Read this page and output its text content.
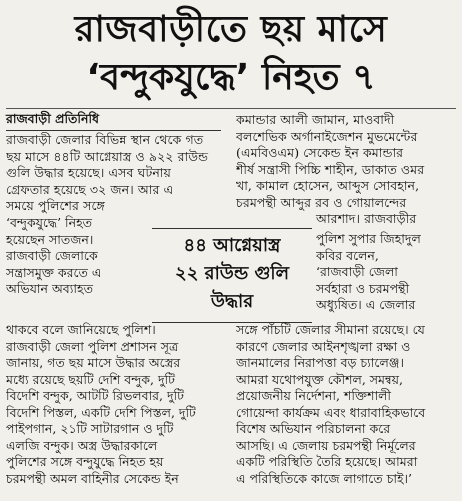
রাজবাড়ীতে ছয় মাসে
‘বন্দুকযুদ্ধে’ নিহত ৭
রাজবাড়ী প্রতিনিধি

রাজবাড়ী জেলার বিভিন্ন স্থান থেকে গত

ছয় মাসে ৪৪টি আগ্নেয়াস্ত্র ও ৯২২ রাউন্ড

গুলি উদ্ধার হয়েছে। এসব ঘটনায়

গ্রেফতার হয়েছে ৩২ জন। আর এ

সময়ে পুলিশের সঙ্গে

কমান্ডার আলী জামান, মাওবাদী

বলশেভিক অর্গানাইজেশন মুভমেন্টের

(এমবিওএম) সেকেন্ড ইন কমান্ডার

শীর্ষ সন্ত্রাসী পিচ্চি শাহীন, ডাকাত ওমর

খা, কামাল হোসেন, আব্দুস সোবহান,

চরমপন্থী আব্দুর রব ও গোয়ালন্দের

আরশাদ। রাজবাড়ীর

‘বন্দুকযুদ্ধে’ নিহত

হয়েছেন সাতজন।

রাজবাড়ী জেলাকে

সন্ত্রাসমুক্ত করতে এ

অভিযান অব্যাহত

৪৪ আগ্নেয়াস্ত্র
২২ রাউন্ড গুলি
উদ্ধার

পুলিশ সুপার জিহাদুল

কবির বলেন,

‘রাজবাড়ী জেলা

সর্বহারা ও চরমপন্থী

অধ্যুষিত। এ জেলার

থাকবে বলে জানিয়েছে পুলিশ।

রাজবাড়ী জেলা পুলিশ প্রশাসন সূত্র

জানায়, গত ছয় মাসে উদ্ধার অস্ত্রের

মধ্যে রয়েছে ছয়টি দেশি বন্দুক, দুটি

বিদেশি বন্দুক, আটটি রিভলবার, দুটি

বিদেশি পিস্তল, একটি দেশি পিস্তল, দুটি

পাইপগান, ২১টি সাটারগান ও দুটি

এলজি বন্দুক। অস্ত্র উদ্ধারকালে

পুলিশের সঙ্গে বন্দুযুদ্ধে নিহত হয়

চরমপন্থী অমল বাহিনীর সেকেন্ড ইন

সঙ্গে পাঁচটি জেলার সীমানা রয়েছে। যে

কারণে জেলার আইনশৃঙ্খলা রক্ষা ও

জানমালের নিরাপত্তা বড় চ্যালেঞ্জ।

আমরা যথোপযুক্ত কৌশল, সমন্বয়,

প্রয়োজনীয় নির্দেশনা, শক্তিশালী

গোয়েন্দা কার্যক্রম এবং ধারাবাহিকভাবে

বিশেষ অভিযান পরিচালনা করে

আসছি। এ জেলায় চরমপন্থী নির্মূলের

একটি পরিস্থিতি তৈরি হয়েছে। আমরা

এ পরিস্থিতিকে কাজে লাগাতে চাই।’
